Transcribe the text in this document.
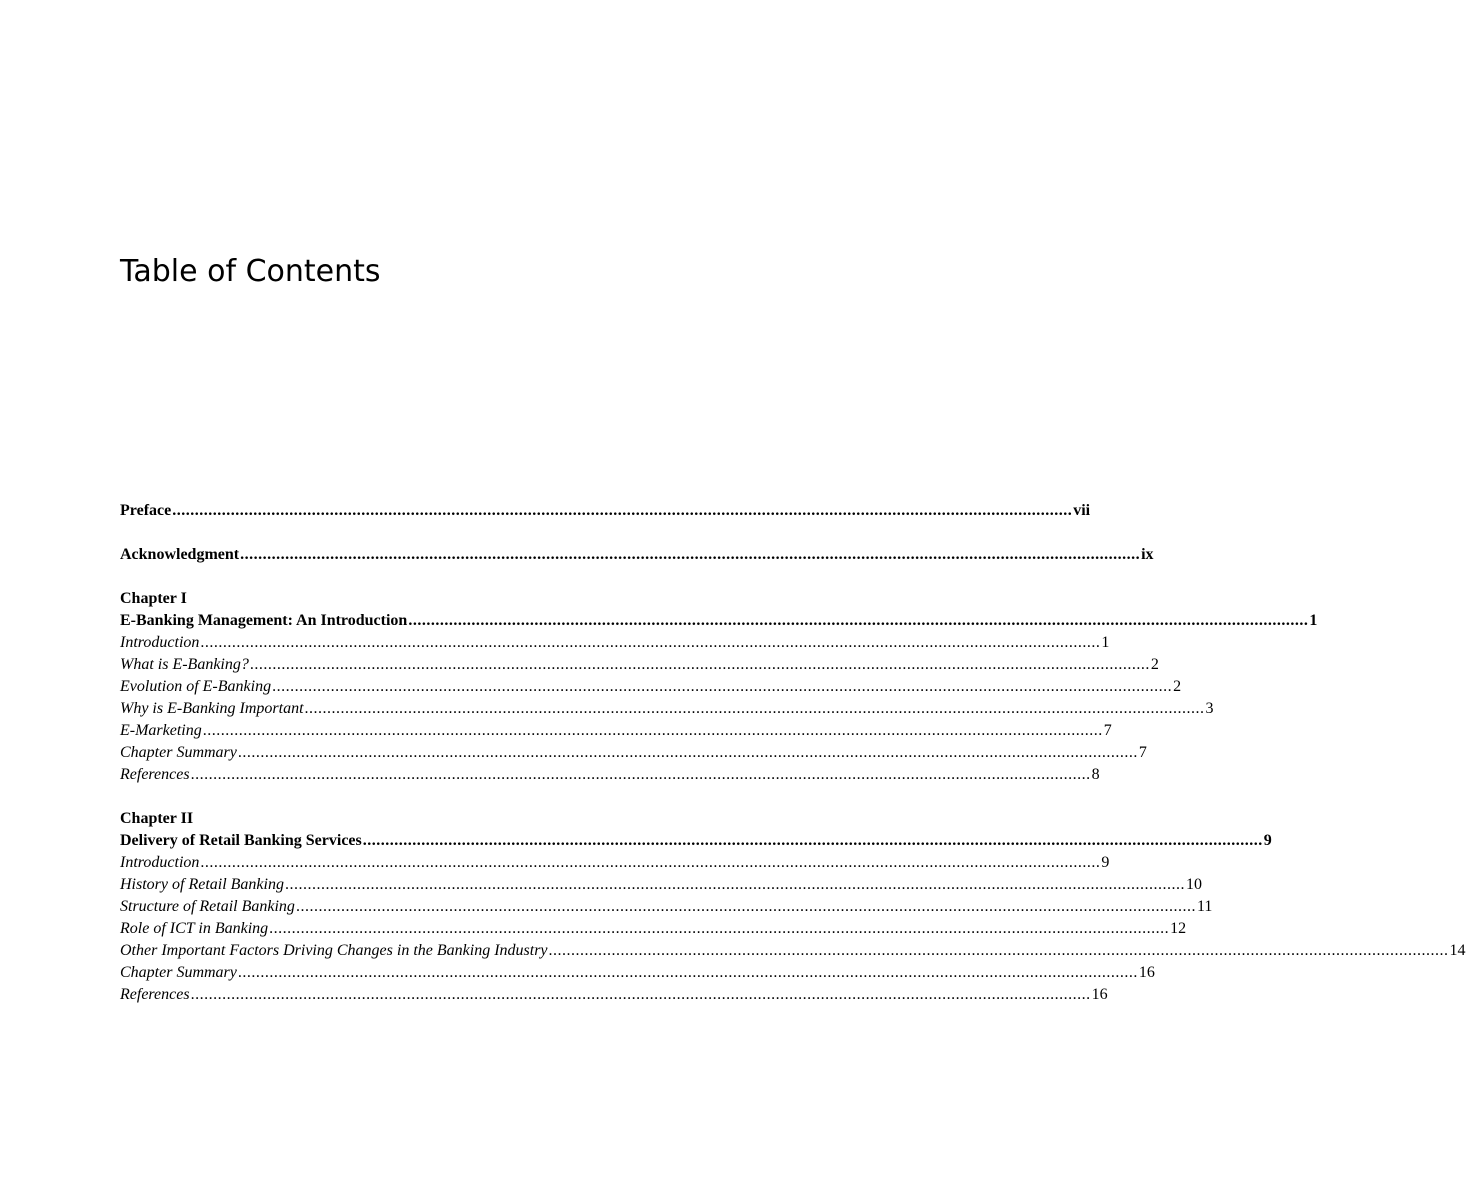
Table of Contents
Preface ........................................................................................................................................................................................................ vii
Acknowledgment ........................................................................................................................................................................................................ ix
Chapter I
E-Banking Management: An Introduction ........................................................................................................................................................................................................ 1
Introduction ........................................................................................................................................................................................................ 1
What is E-Banking? ........................................................................................................................................................................................................ 2
Evolution of E-Banking ........................................................................................................................................................................................................ 2
Why is E-Banking Important ........................................................................................................................................................................................................ 3
E-Marketing ........................................................................................................................................................................................................ 7
Chapter Summary ........................................................................................................................................................................................................ 7
References ........................................................................................................................................................................................................ 8
Chapter II
Delivery of Retail Banking Services ........................................................................................................................................................................................................ 9
Introduction ........................................................................................................................................................................................................ 9
History of Retail Banking ........................................................................................................................................................................................................ 10
Structure of Retail Banking ........................................................................................................................................................................................................ 11
Role of ICT in Banking ........................................................................................................................................................................................................ 12
Other Important Factors Driving Changes in the Banking Industry ........................................................................................................................................................................................................ 14
Chapter Summary ........................................................................................................................................................................................................ 16
References ........................................................................................................................................................................................................ 16
